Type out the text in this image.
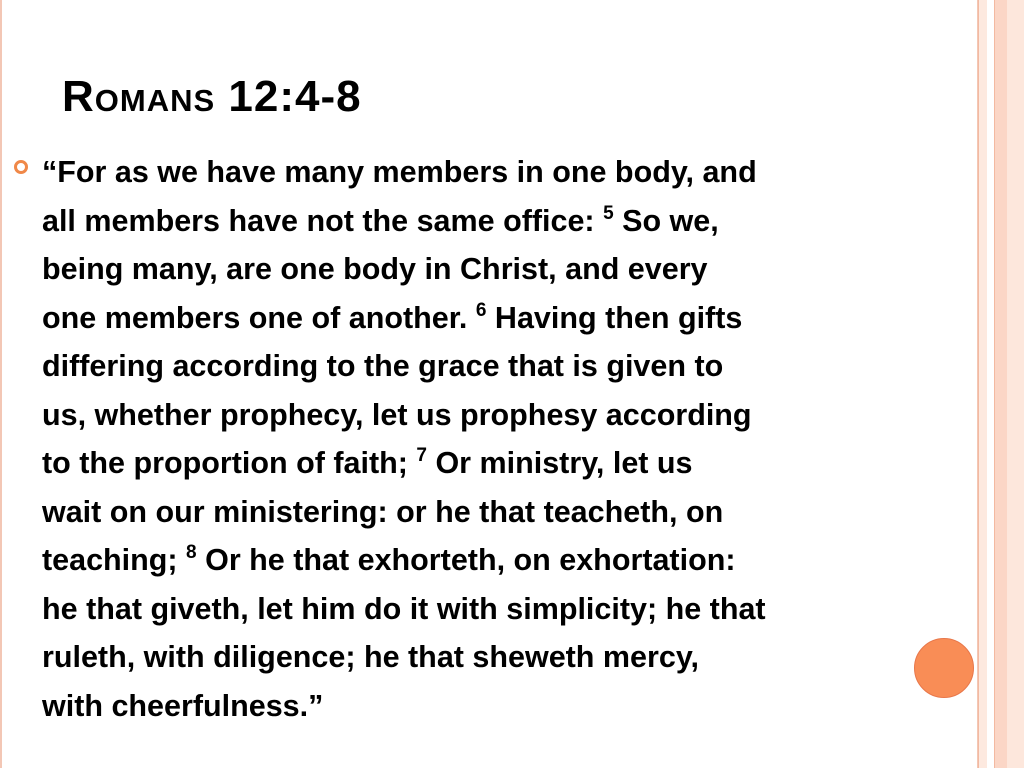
Romans 12:4-8

“For as we have many members in one body, and
all members have not the same office: $^5$ So we,
being many, are one body in Christ, and every
one members one of another. $^6$ Having then gifts
differing according to the grace that is given to
us, whether prophecy, let us prophesy according
to the proportion of faith; $^7$ Or ministry, let us
wait on our ministering: or he that teacheth, on
teaching; $^8$ Or he that exhorteth, on exhortation:
he that giveth, let him do it with simplicity; he that
ruleth, with diligence; he that sheweth mercy,
with cheerfulness.”
